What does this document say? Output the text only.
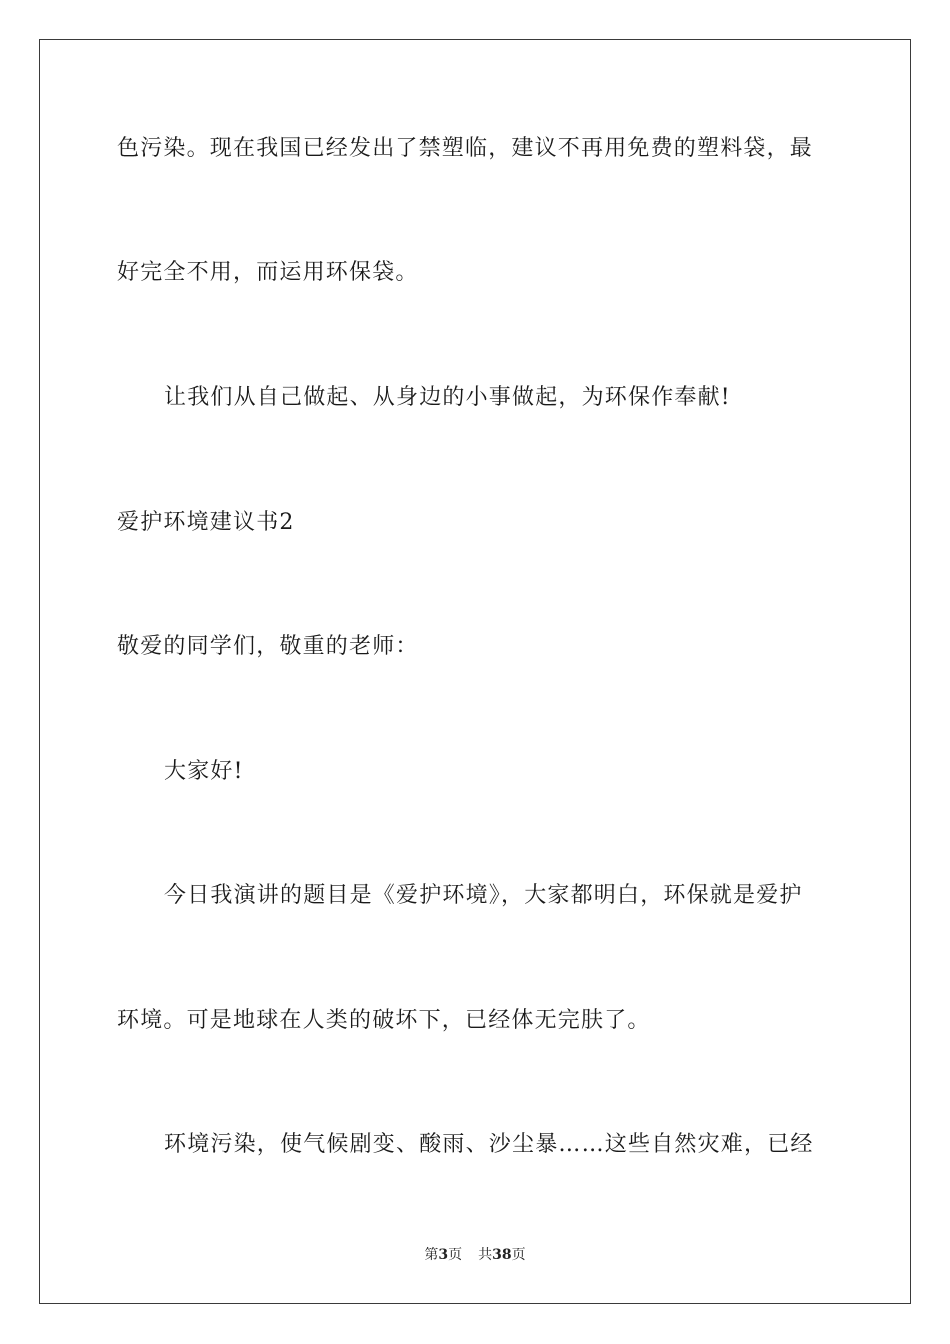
色污染。现在我国已经发出了禁塑临，建议不再用免费的塑料袋，最
好完全不用，而运用环保袋。
让我们从自己做起、从身边的小事做起，为环保作奉献!
爱护环境建议书2
敬爱的同学们，敬重的老师：
大家好!
今日我演讲的题目是《爱护环境》，大家都明白，环保就是爱护
环境。可是地球在人类的破坏下，已经体无完肤了。
环境污染，使气候剧变、酸雨、沙尘暴……这些自然灾难，已经
第3页 共38页
